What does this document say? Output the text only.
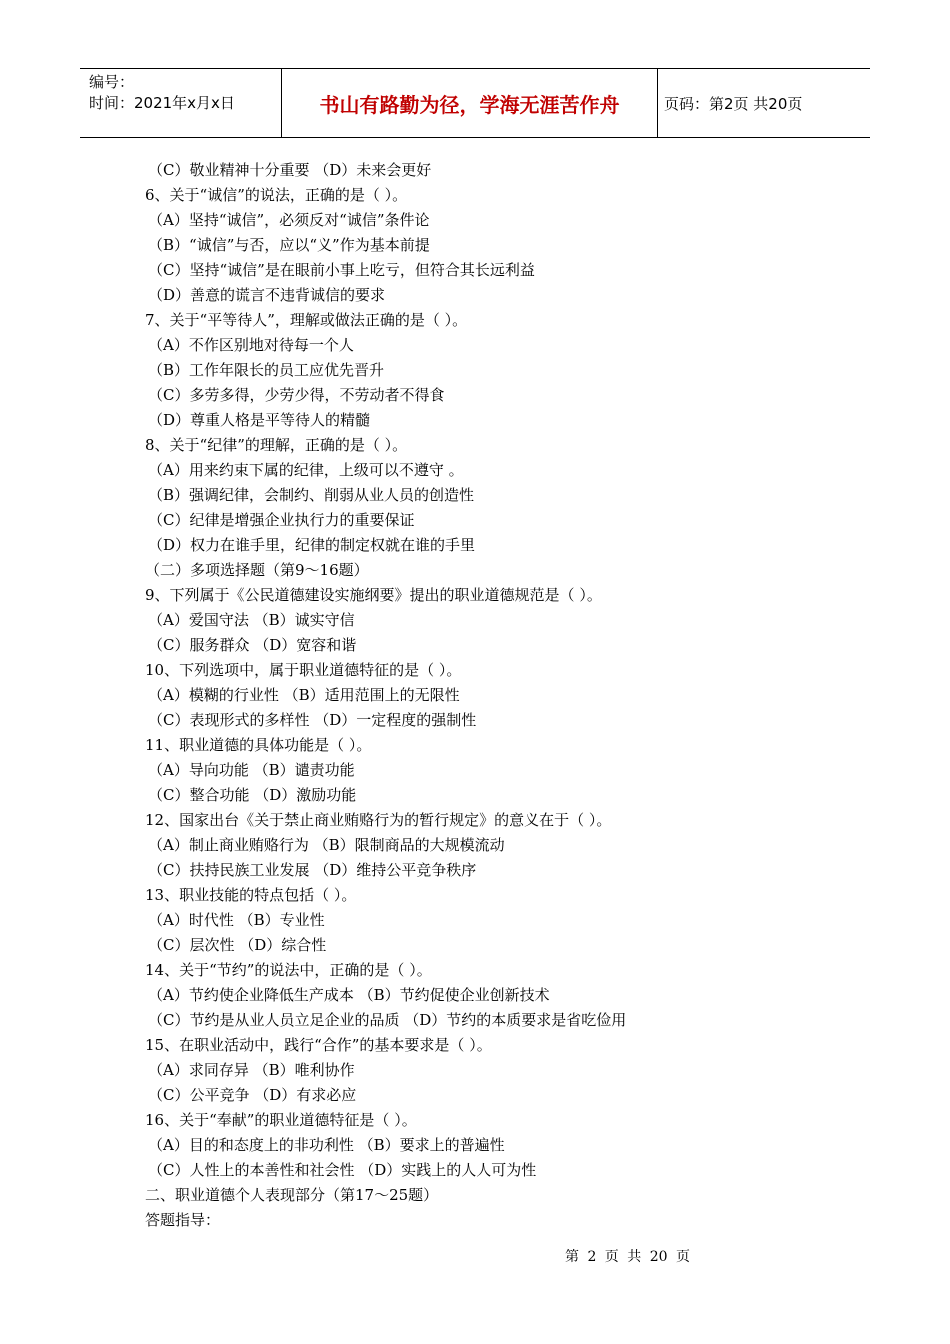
编号：
时间：2021年x月x日	书山有路勤为径，学海无涯苦作舟	页码：第2页 共20页
（C）敬业精神十分重要 （D）未来会更好
6、关于“诚信”的说法，正确的是（ ）。
（A）坚持“诚信”，必须反对“诚信”条件论
（B）“诚信”与否，应以“义”作为基本前提
（C）坚持“诚信”是在眼前小事上吃亏，但符合其长远利益
（D）善意的谎言不违背诚信的要求
7、关于“平等待人”，理解或做法正确的是（ ）。
（A）不作区别地对待每一个人
（B）工作年限长的员工应优先晋升
（C）多劳多得，少劳少得，不劳动者不得食
（D）尊重人格是平等待人的精髓
8、关于“纪律”的理解，正确的是（ ）。
（A）用来约束下属的纪律，上级可以不遵守 。
（B）强调纪律，会制约、削弱从业人员的创造性
（C）纪律是增强企业执行力的重要保证
（D）权力在谁手里，纪律的制定权就在谁的手里
（二）多项选择题（第9～16题）
9、下列属于《公民道德建设实施纲要》提出的职业道德规范是（ ）。
（A）爱国守法 （B）诚实守信
（C）服务群众 （D）宽容和谐
10、下列选项中，属于职业道德特征的是（ ）。
（A）模糊的行业性 （B）适用范围上的无限性
（C）表现形式的多样性 （D）一定程度的强制性
11、职业道德的具体功能是（ ）。
（A）导向功能 （B）谴责功能
（C）整合功能 （D）激励功能
12、国家出台《关于禁止商业贿赂行为的暂行规定》的意义在于（ ）。
（A）制止商业贿赂行为 （B）限制商品的大规模流动
（C）扶持民族工业发展 （D）维持公平竞争秩序
13、职业技能的特点包括（ ）。
（A）时代性 （B）专业性
（C）层次性 （D）综合性
14、关于“节约”的说法中，正确的是（ ）。
（A）节约使企业降低生产成本 （B）节约促使企业创新技术
（C）节约是从业人员立足企业的品质 （D）节约的本质要求是省吃俭用
15、在职业活动中，践行“合作”的基本要求是（ ）。
（A）求同存异 （B）唯利协作
（C）公平竞争 （D）有求必应
16、关于“奉献”的职业道德特征是（ ）。
（A）目的和态度上的非功利性 （B）要求上的普遍性
（C）人性上的本善性和社会性 （D）实践上的人人可为性
二、职业道德个人表现部分（第17～25题）
答题指导：
第 2 页 共 20 页
